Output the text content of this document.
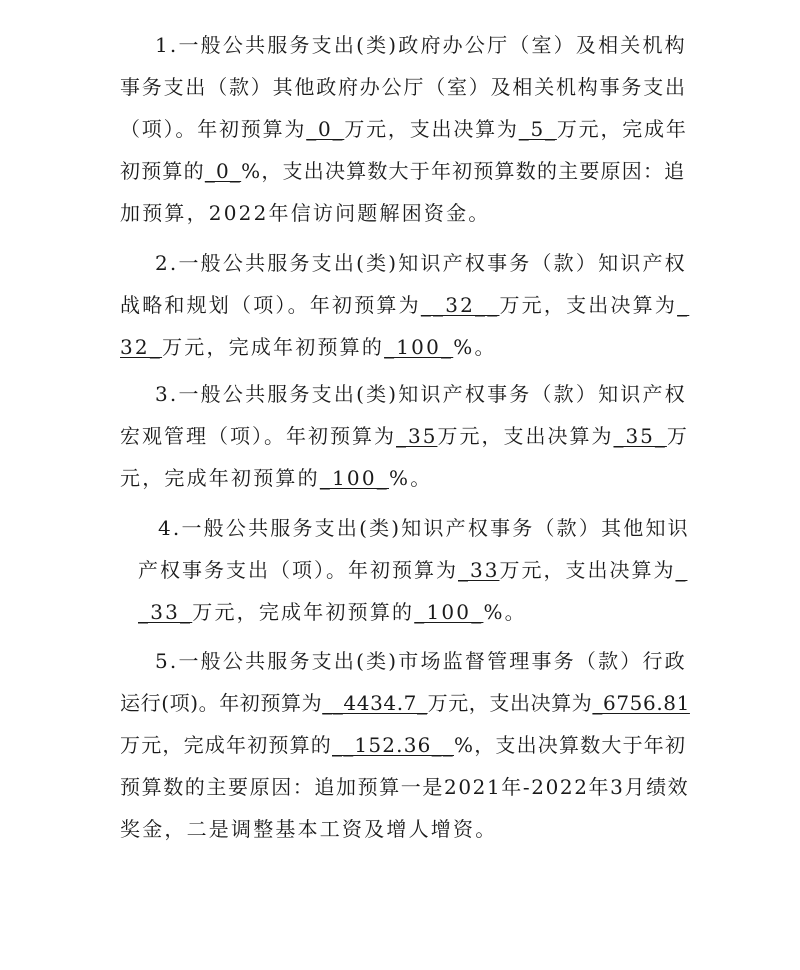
1.一般公共服务支出(类)政府办公厅（室）及相关机构
事务支出（款）其他政府办公厅（室）及相关机构事务支出
（项）。年初预算为_0_万元，支出决算为_5_万元，完成年
初预算的_0_%，支出决算数大于年初预算数的主要原因：追
加预算，2022年信访问题解困资金。
2.一般公共服务支出(类)知识产权事务（款）知识产权
战略和规划（项）。年初预算为__32__万元，支出决算为_
32_万元，完成年初预算的_100_%。
3.一般公共服务支出(类)知识产权事务（款）知识产权
宏观管理（项）。年初预算为_35万元，支出决算为_35_万
元，完成年初预算的_100_%。
4.一般公共服务支出(类)知识产权事务（款）其他知识
产权事务支出（项）。年初预算为_33万元，支出决算为_
_33_万元，完成年初预算的_100_%。
5.一般公共服务支出(类)市场监督管理事务（款）行政
运行(项)。年初预算为__4434.7_万元，支出决算为_6756.81
万元，完成年初预算的__152.36__%，支出决算数大于年初
预算数的主要原因：追加预算一是2021年-2022年3月绩效
奖金，二是调整基本工资及增人增资。
